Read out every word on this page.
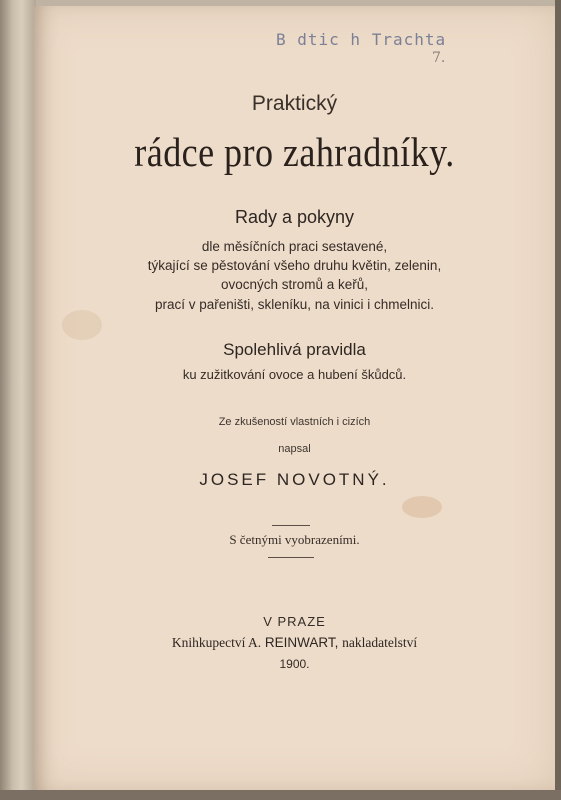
B dtic h Trachta
7.
Praktický
rádce pro zahradníky.
Rady a pokyny
dle měsíčních praci sestavené,
týkající se pěstování všeho druhu květin, zelenin,
ovocných stromů a keřů,
prací v pařeništi, skleníku, na vinici i chmelnici.
Spolehlivá pravidla
ku zužitkování ovoce a hubení škůdců.
Ze zkušeností vlastních i cizích
napsal
JOSEF NOVOTNÝ.
S četnými vyobrazeními.
V PRAZE
Knihkupectví A. REINWART, nakladatelství
1900.
